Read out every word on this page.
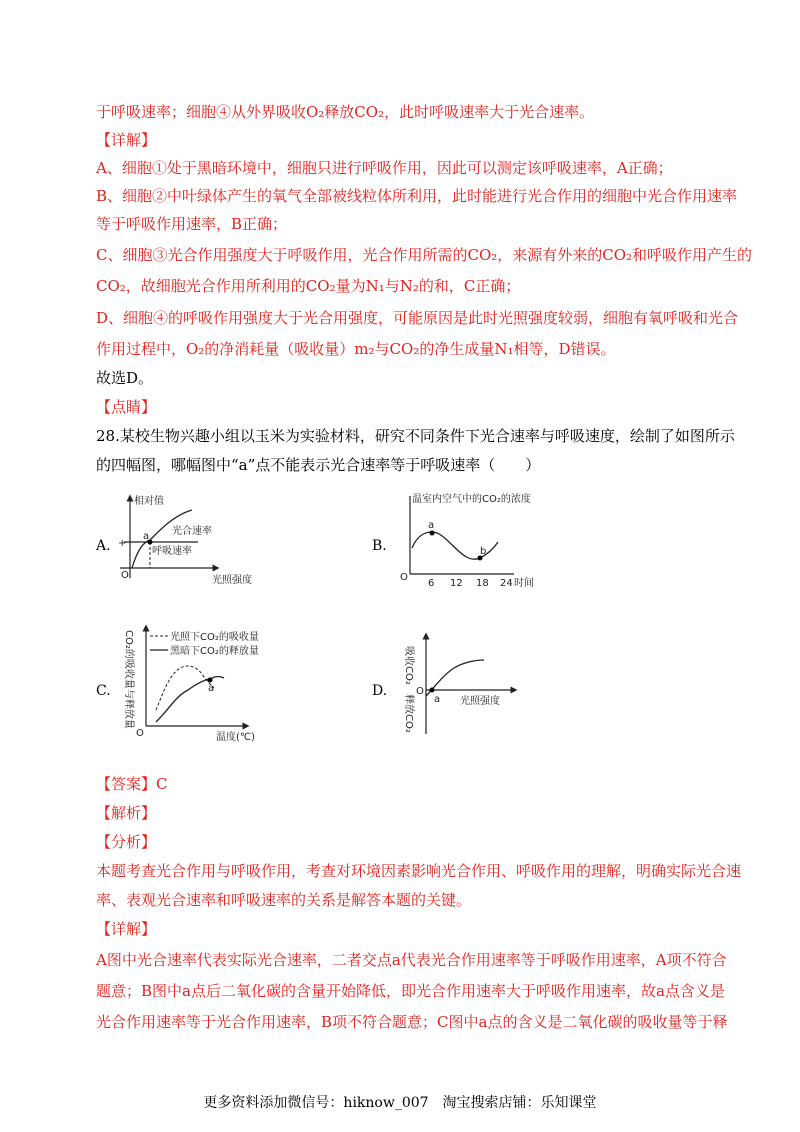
于呼吸速率；细胞④从外界吸收O₂释放CO₂，此时呼吸速率大于光合速率。
【详解】
A、细胞①处于黑暗环境中，细胞只进行呼吸作用，因此可以测定该呼吸速率，A正确；
B、细胞②中叶绿体产生的氧气全部被线粒体所利用，此时能进行光合作用的细胞中光合作用速率
等于呼吸作用速率，B正确；
C、细胞③光合作用强度大于呼吸作用，光合作用所需的CO₂，来源有外来的CO₂和呼吸作用产生的
CO₂，故细胞光合作用所利用的CO₂量为N₁与N₂的和，C正确；
D、细胞④的呼吸作用强度大于光合用强度，可能原因是此时光照强度较弱，细胞有氧呼吸和光合
作用过程中，O₂的净消耗量（吸收量）m₂与CO₂的净生成量N₁相等，D错误。
故选D。
【点睛】
28.某校生物兴趣小组以玉米为实验材料，研究不同条件下光合速率与呼吸速度，绘制了如图所示
的四幅图，哪幅图中“a”点不能表示光合速率等于呼吸速率（　　）
A.	B.
C.	D.
相对值
光合速率
呼吸速率
a
+
O	光照强度
温室内空气中的CO₂的浓度
a
b
O
6 12 18 24 时间
CO₂的吸收量与释放量	光照下CO₂的吸收量
黑暗下CO₂的释放量
a
O	温度(℃)
吸收CO₂
释放CO₂ a
O
光照强度
【答案】C
【解析】
【分析】
本题考查光合作用与呼吸作用，考查对环境因素影响光合作用、呼吸作用的理解，明确实际光合速
率、表观光合速率和呼吸速率的关系是解答本题的关键。
【详解】
A图中光合速率代表实际光合速率，二者交点a代表光合作用速率等于呼吸作用速率，A项不符合
题意；B图中a点后二氧化碳的含量开始降低，即光合作用速率大于呼吸作用速率，故a点含义是
光合作用速率等于光合作用速率，B项不符合题意；C图中a点的含义是二氧化碳的吸收量等于释
更多资料添加微信号：hiknow_007　淘宝搜索店铺：乐知课堂
